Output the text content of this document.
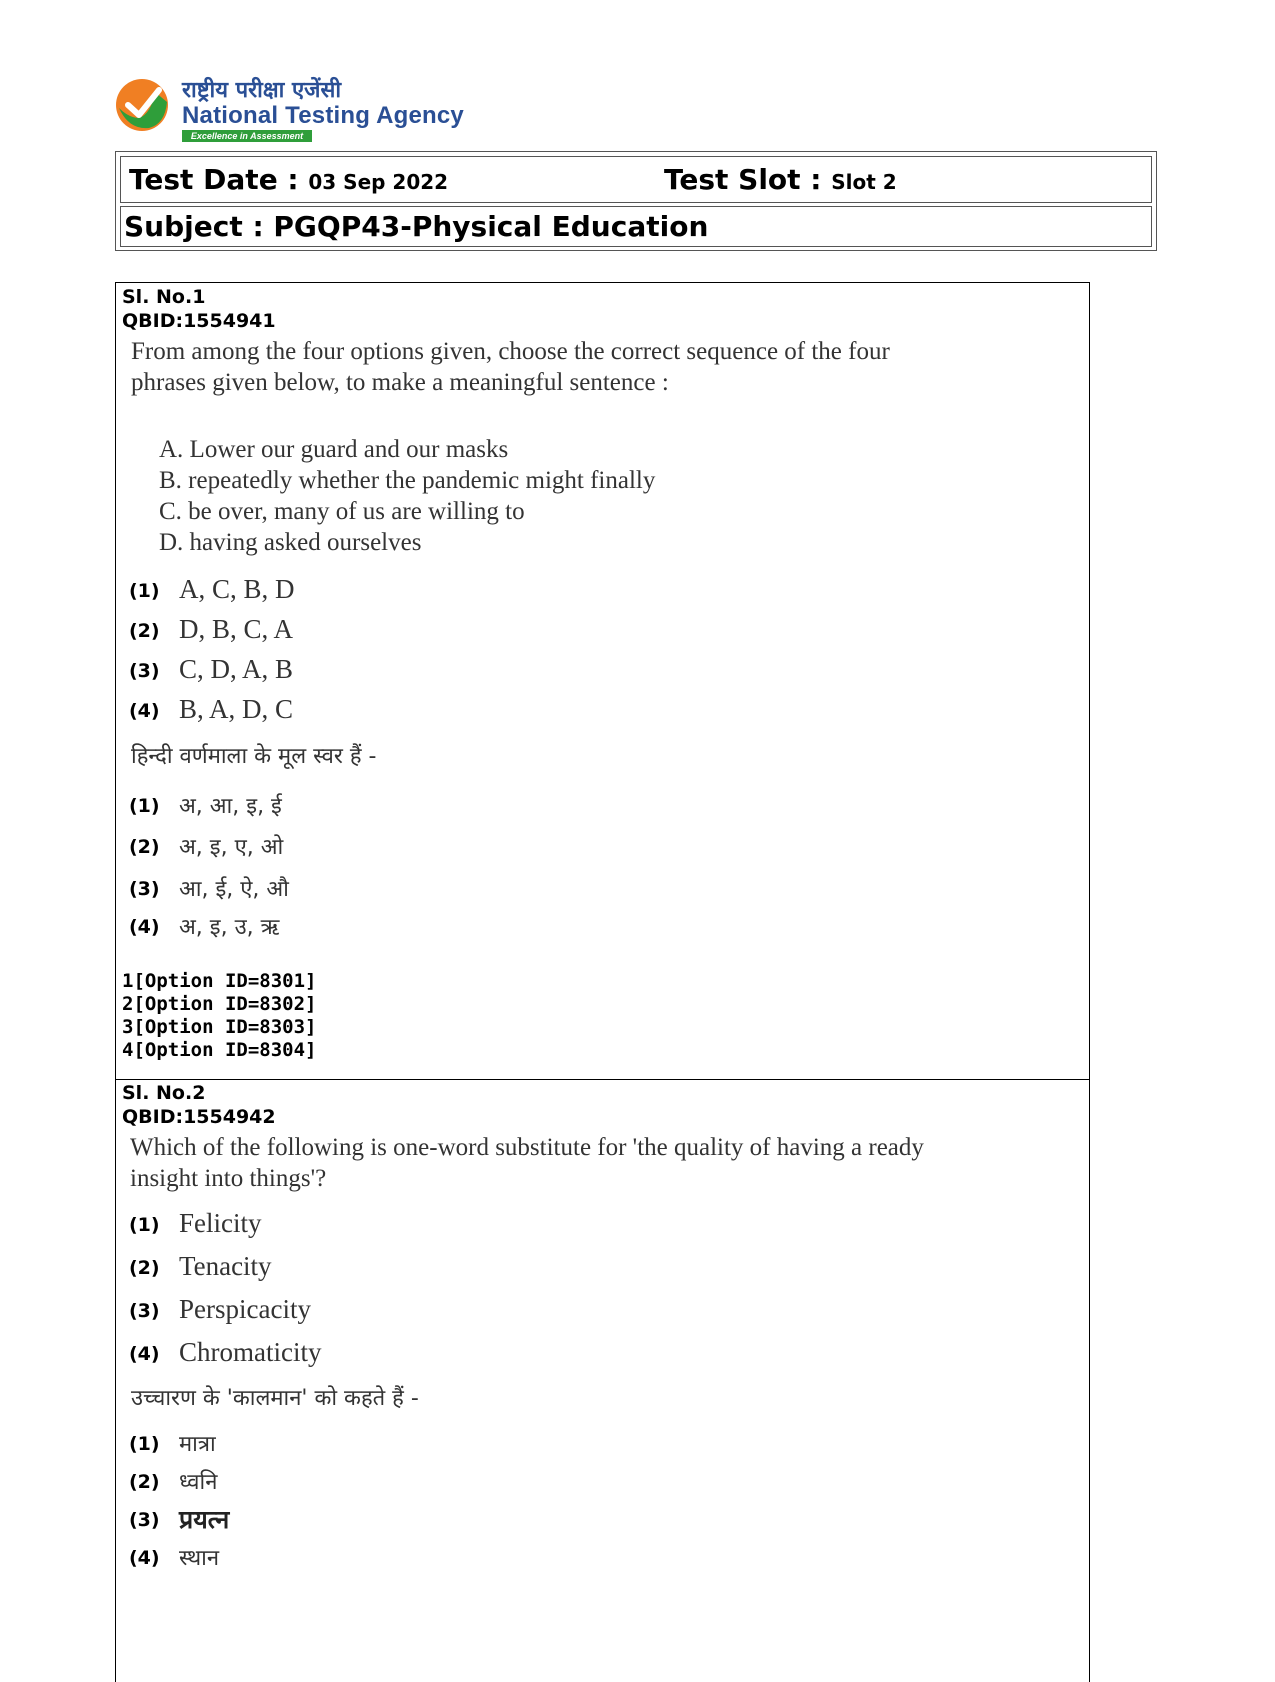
राष्ट्रीय परीक्षा एजेंसी
National Testing Agency
Excellence in Assessment
Test Date : 03 Sep 2022	Test Slot : Slot 2
Subject : PGQP43-Physical Education
Sl. No.1
QBID:1554941
From among the four options given, choose the correct sequence of the four
phrases given below, to make a meaningful sentence :
A. Lower our guard and our masks
B. repeatedly whether the pandemic might finally
C. be over, many of us are willing to
D. having asked ourselves
(1) A, C, B, D
(2) D, B, C, A
(3) C, D, A, B
(4) B, A, D, C
हिन्दी वर्णमाला के मूल स्वर हैं -
(1) अ, आ, इ, ई
(2) अ, इ, ए, ओ
(3) आ, ई, ऐ, औ
(4) अ, इ, उ, ऋ
1[Option ID=8301]
2[Option ID=8302]
3[Option ID=8303]
4[Option ID=8304]
Sl. No.2
QBID:1554942
Which of the following is one-word substitute for 'the quality of having a ready
insight into things'?
(1) Felicity
(2) Tenacity
(3) Perspicacity
(4) Chromaticity
उच्चारण के 'कालमान' को कहते हैं -
(1) मात्रा
(2) ध्वनि
(3) प्रयत्न
(4) स्थान
